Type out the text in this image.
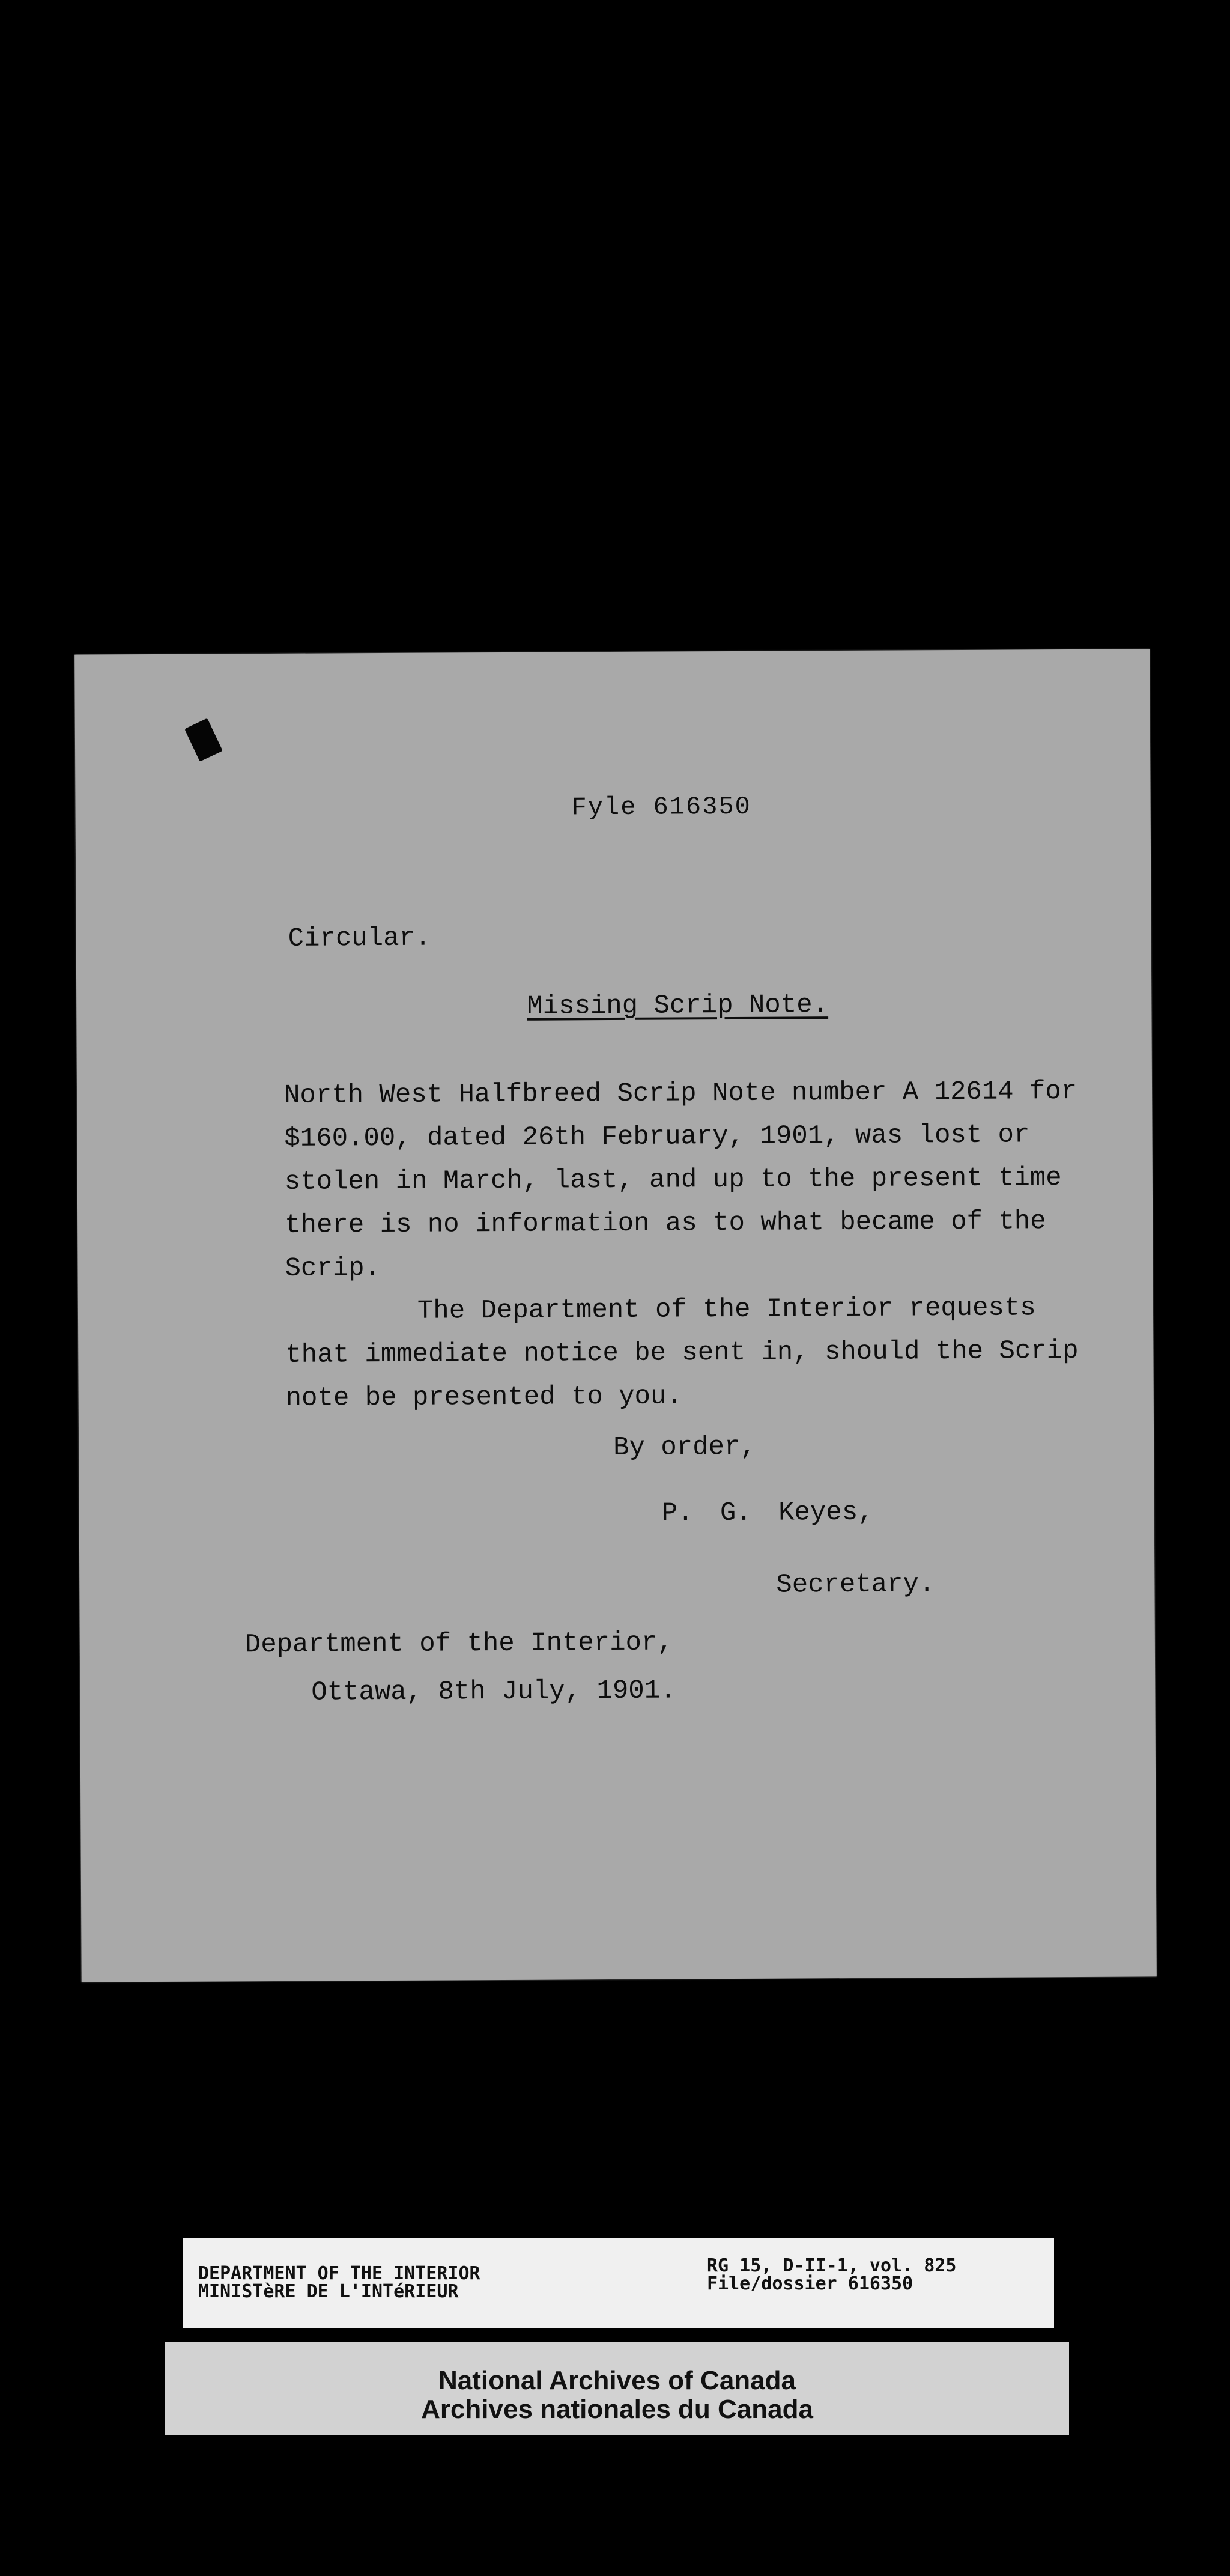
Fyle 616350
Circular.
Missing Scrip Note.

North West Halfbreed Scrip Note number A 12614 for $160.00, dated 26th February, 1901, was lost or stolen in March, last, and up to the present time there is no information as to what became of the Scrip.

The Department of the Interior requests that immediate notice be sent in, should the Scrip note be presented to you.

By order,
P. G. Keyes,
Secretary.
Department of the Interior,
Ottawa, 8th July, 1901.
DEPARTMENT OF THE INTERIOR
MINISTèRE DE L'INTéRIEUR
RG 15, D-II-1, vol. 825
File/dossier 616350
National Archives of Canada
Archives nationales du Canada
